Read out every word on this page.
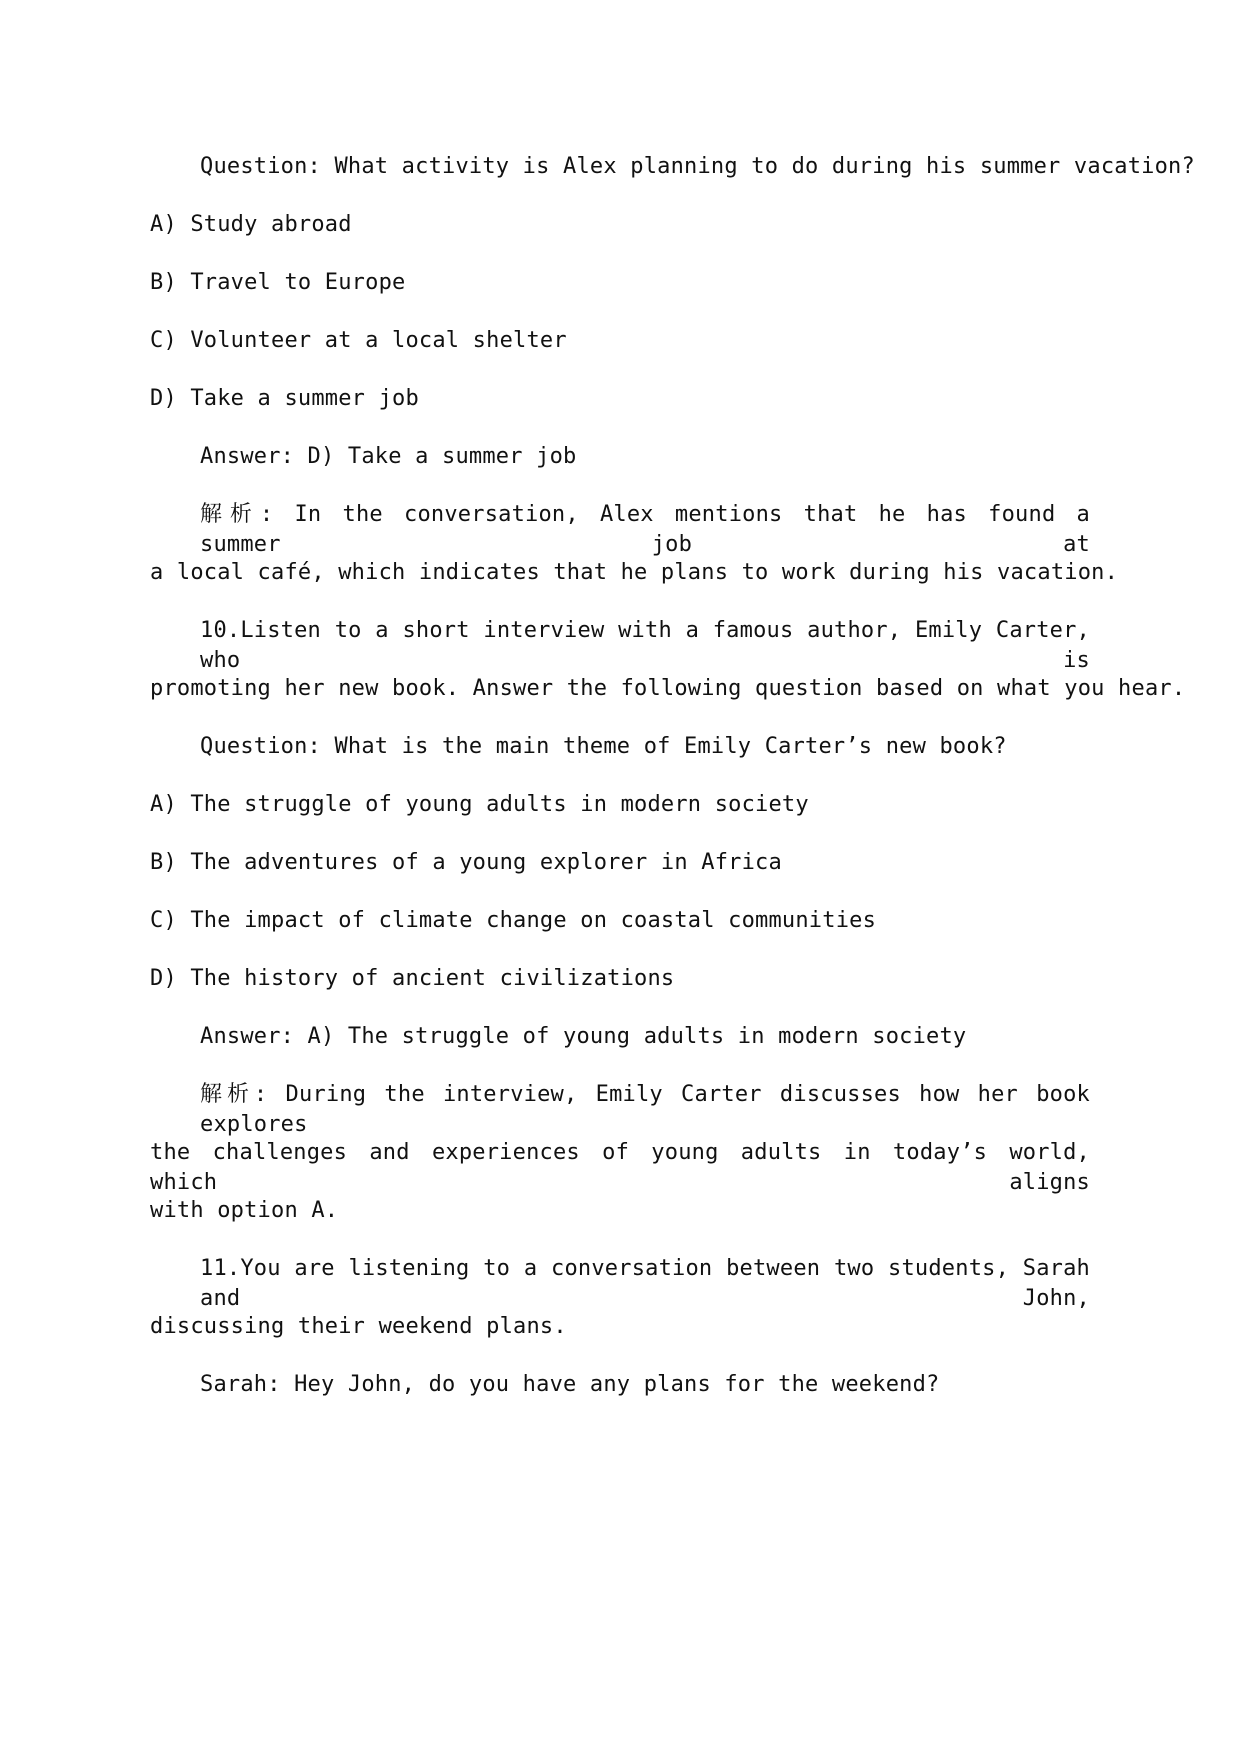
Question: What activity is Alex planning to do during his summer vacation?
A) Study abroad
B) Travel to Europe
C) Volunteer at a local shelter
D) Take a summer job
Answer: D) Take a summer job
解析: In the conversation, Alex mentions that he has found a summer job at
a local café, which indicates that he plans to work during his vacation.
10.Listen to a short interview with a famous author, Emily Carter, who is
promoting her new book. Answer the following question based on what you hear.
Question: What is the main theme of Emily Carter’s new book?
A) The struggle of young adults in modern society
B) The adventures of a young explorer in Africa
C) The impact of climate change on coastal communities
D) The history of ancient civilizations
Answer: A) The struggle of young adults in modern society
解析: During the interview, Emily Carter discusses how her book explores
the challenges and experiences of young adults in today’s world, which aligns
with option A.
11.You are listening to a conversation between two students, Sarah and John,
discussing their weekend plans.
Sarah: Hey John, do you have any plans for the weekend?
